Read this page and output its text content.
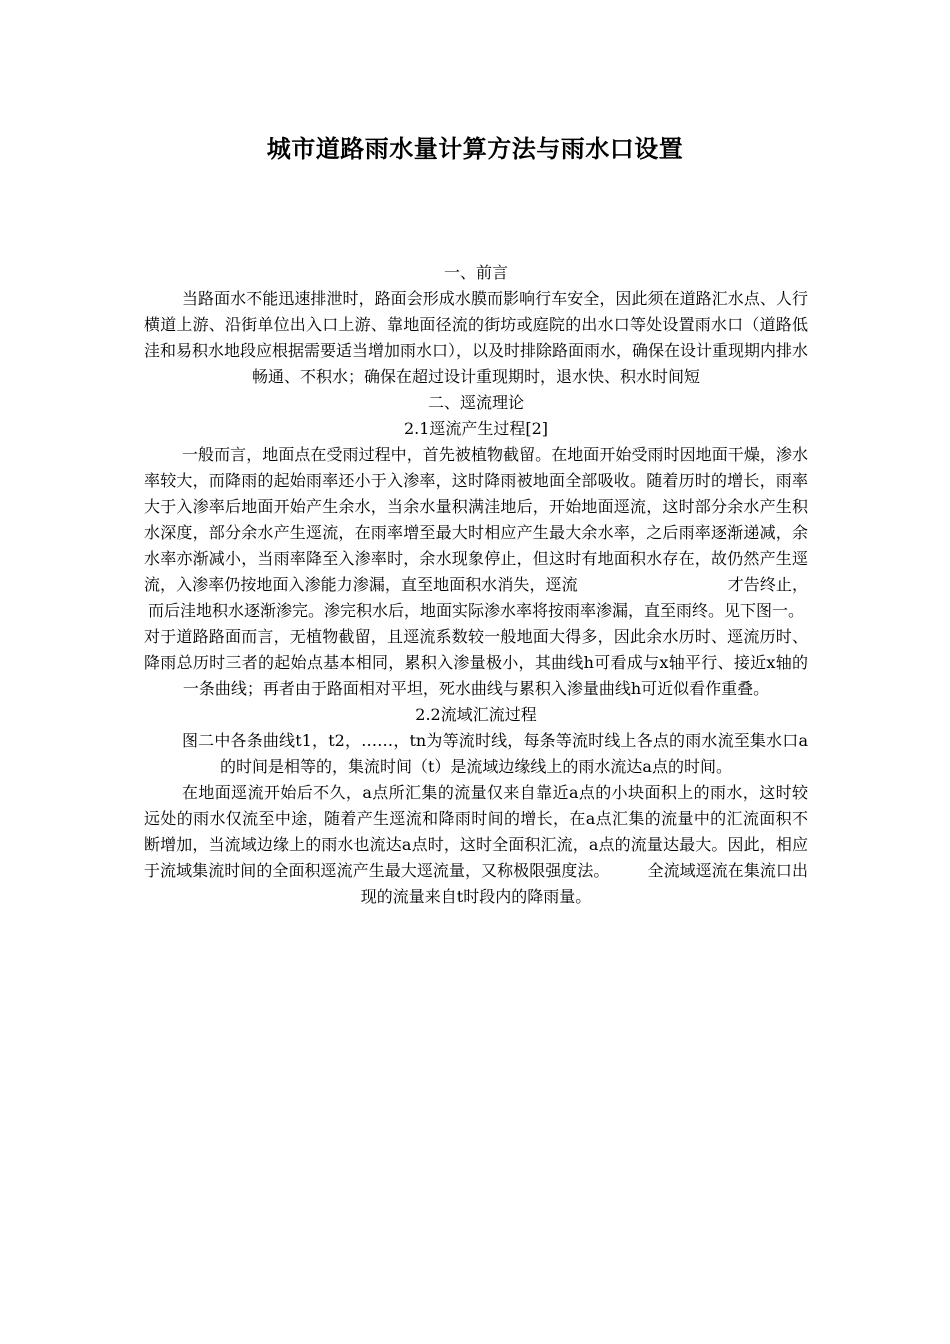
城市道路雨水量计算方法与雨水口设置

一、前言

当路面水不能迅速排泄时，路面会形成水膜而影响行车安全，因此须在道路汇水点、人行横道上游、沿街单位出入口上游、靠地面径流的街坊或庭院的出水口等处设置雨水口（道路低洼和易积水地段应根据需要适当增加雨水口），以及时排除路面雨水，确保在设计重现期内排水畅通、不积水；确保在超过设计重现期时，退水快、积水时间短

二、逕流理论

2.1逕流产生过程[2]

一般而言，地面点在受雨过程中，首先被植物截留。在地面开始受雨时因地面干燥，渗水率较大，而降雨的起始雨率还小于入渗率，这时降雨被地面全部吸收。随着历时的增长，雨率大于入渗率后地面开始产生余水，当余水量积满洼地后，开始地面逕流，这时部分余水产生积水深度，部分余水产生逕流，在雨率增至最大时相应产生最大余水率，之后雨率逐渐递减，余水率亦渐减小，当雨率降至入渗率时，余水现象停止，但这时有地面积水存在，故仍然产生逕流，入渗率仍按地面入渗能力渗漏，直至地面积水消失，逕流	才告终止，而后洼地积水逐渐渗完。渗完积水后，地面实际渗水率将按雨率渗漏，直至雨终。见下图一。

对于道路路面而言，无植物截留，且逕流系数较一般地面大得多，因此余水历时、逕流历时、降雨总历时三者的起始点基本相同，累积入渗量极小，其曲线h可看成与x轴平行、接近x轴的一条曲线；再者由于路面相对平坦，死水曲线与累积入渗量曲线h可近似看作重叠。

2.2流域汇流过程

图二中各条曲线t1，t2，……，tn为等流时线，每条等流时线上各点的雨水流至集水口a的时间是相等的，集流时间（t）是流域边缘线上的雨水流达a点的时间。

在地面逕流开始后不久，a点所汇集的流量仅来自靠近a点的小块面积上的雨水，这时较远处的雨水仅流至中途，随着产生逕流和降雨时间的增长，在a点汇集的流量中的汇流面积不断增加，当流域边缘上的雨水也流达a点时，这时全面积汇流，a点的流量达最大。因此，相应于流域集流时间的全面积逕流产生最大逕流量，又称极限强度法。 全流域逕流在集流口出现的流量来自t时段内的降雨量。
